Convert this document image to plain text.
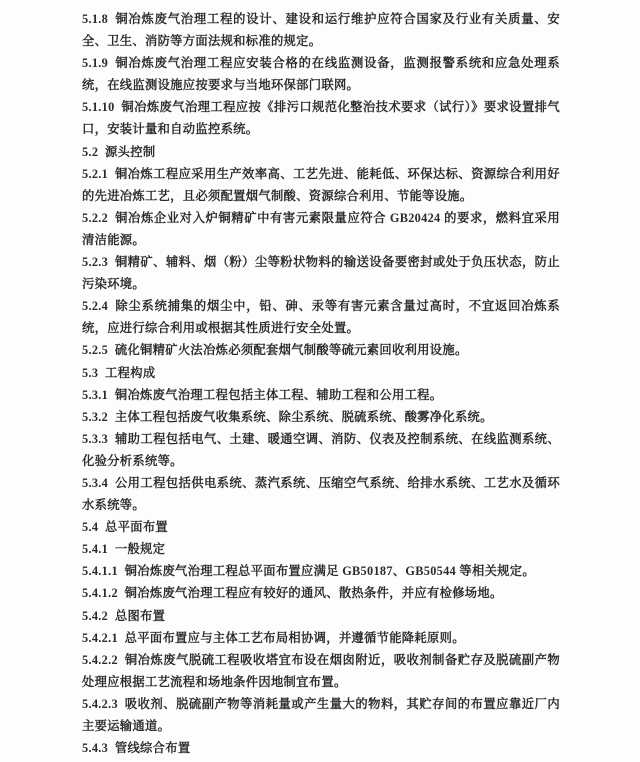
5.1.8 铜冶炼废气治理工程的设计、建设和运行维护应符合国家及行业有关质量、安全、卫生、消防等方面法规和标准的规定。

5.1.9 铜冶炼废气治理工程应安装合格的在线监测设备，监测报警系统和应急处理系统，在线监测设施应按要求与当地环保部门联网。

5.1.10 铜冶炼废气治理工程应按《排污口规范化整治技术要求（试行）》要求设置排气口，安装计量和自动监控系统。

5.2 源头控制

5.2.1 铜冶炼工程应采用生产效率高、工艺先进、能耗低、环保达标、资源综合利用好的先进冶炼工艺，且必须配置烟气制酸、资源综合利用、节能等设施。

5.2.2 铜冶炼企业对入炉铜精矿中有害元素限量应符合 GB20424 的要求，燃料宜采用清洁能源。

5.2.3 铜精矿、辅料、烟（粉）尘等粉状物料的输送设备要密封或处于负压状态，防止污染环境。

5.2.4 除尘系统捕集的烟尘中，铅、砷、汞等有害元素含量过高时，不宜返回冶炼系统，应进行综合利用或根据其性质进行安全处置。

5.2.5 硫化铜精矿火法冶炼必须配套烟气制酸等硫元素回收利用设施。

5.3 工程构成

5.3.1 铜冶炼废气治理工程包括主体工程、辅助工程和公用工程。

5.3.2 主体工程包括废气收集系统、除尘系统、脱硫系统、酸雾净化系统。

5.3.3 辅助工程包括电气、土建、暖通空调、消防、仪表及控制系统、在线监测系统、化验分析系统等。

5.3.4 公用工程包括供电系统、蒸汽系统、压缩空气系统、给排水系统、工艺水及循环水系统等。

5.4 总平面布置

5.4.1 一般规定

5.4.1.1 铜冶炼废气治理工程总平面布置应满足 GB50187、GB50544 等相关规定。

5.4.1.2 铜冶炼废气治理工程应有较好的通风、散热条件，并应有检修场地。

5.4.2 总图布置

5.4.2.1 总平面布置应与主体工艺布局相协调，并遵循节能降耗原则。

5.4.2.2 铜冶炼废气脱硫工程吸收塔宜布设在烟囱附近，吸收剂制备贮存及脱硫副产物处理应根据工艺流程和场地条件因地制宜布置。

5.4.2.3 吸收剂、脱硫副产物等消耗量或产生量大的物料，其贮存间的布置应靠近厂内主要运输通道。

5.4.3 管线综合布置
